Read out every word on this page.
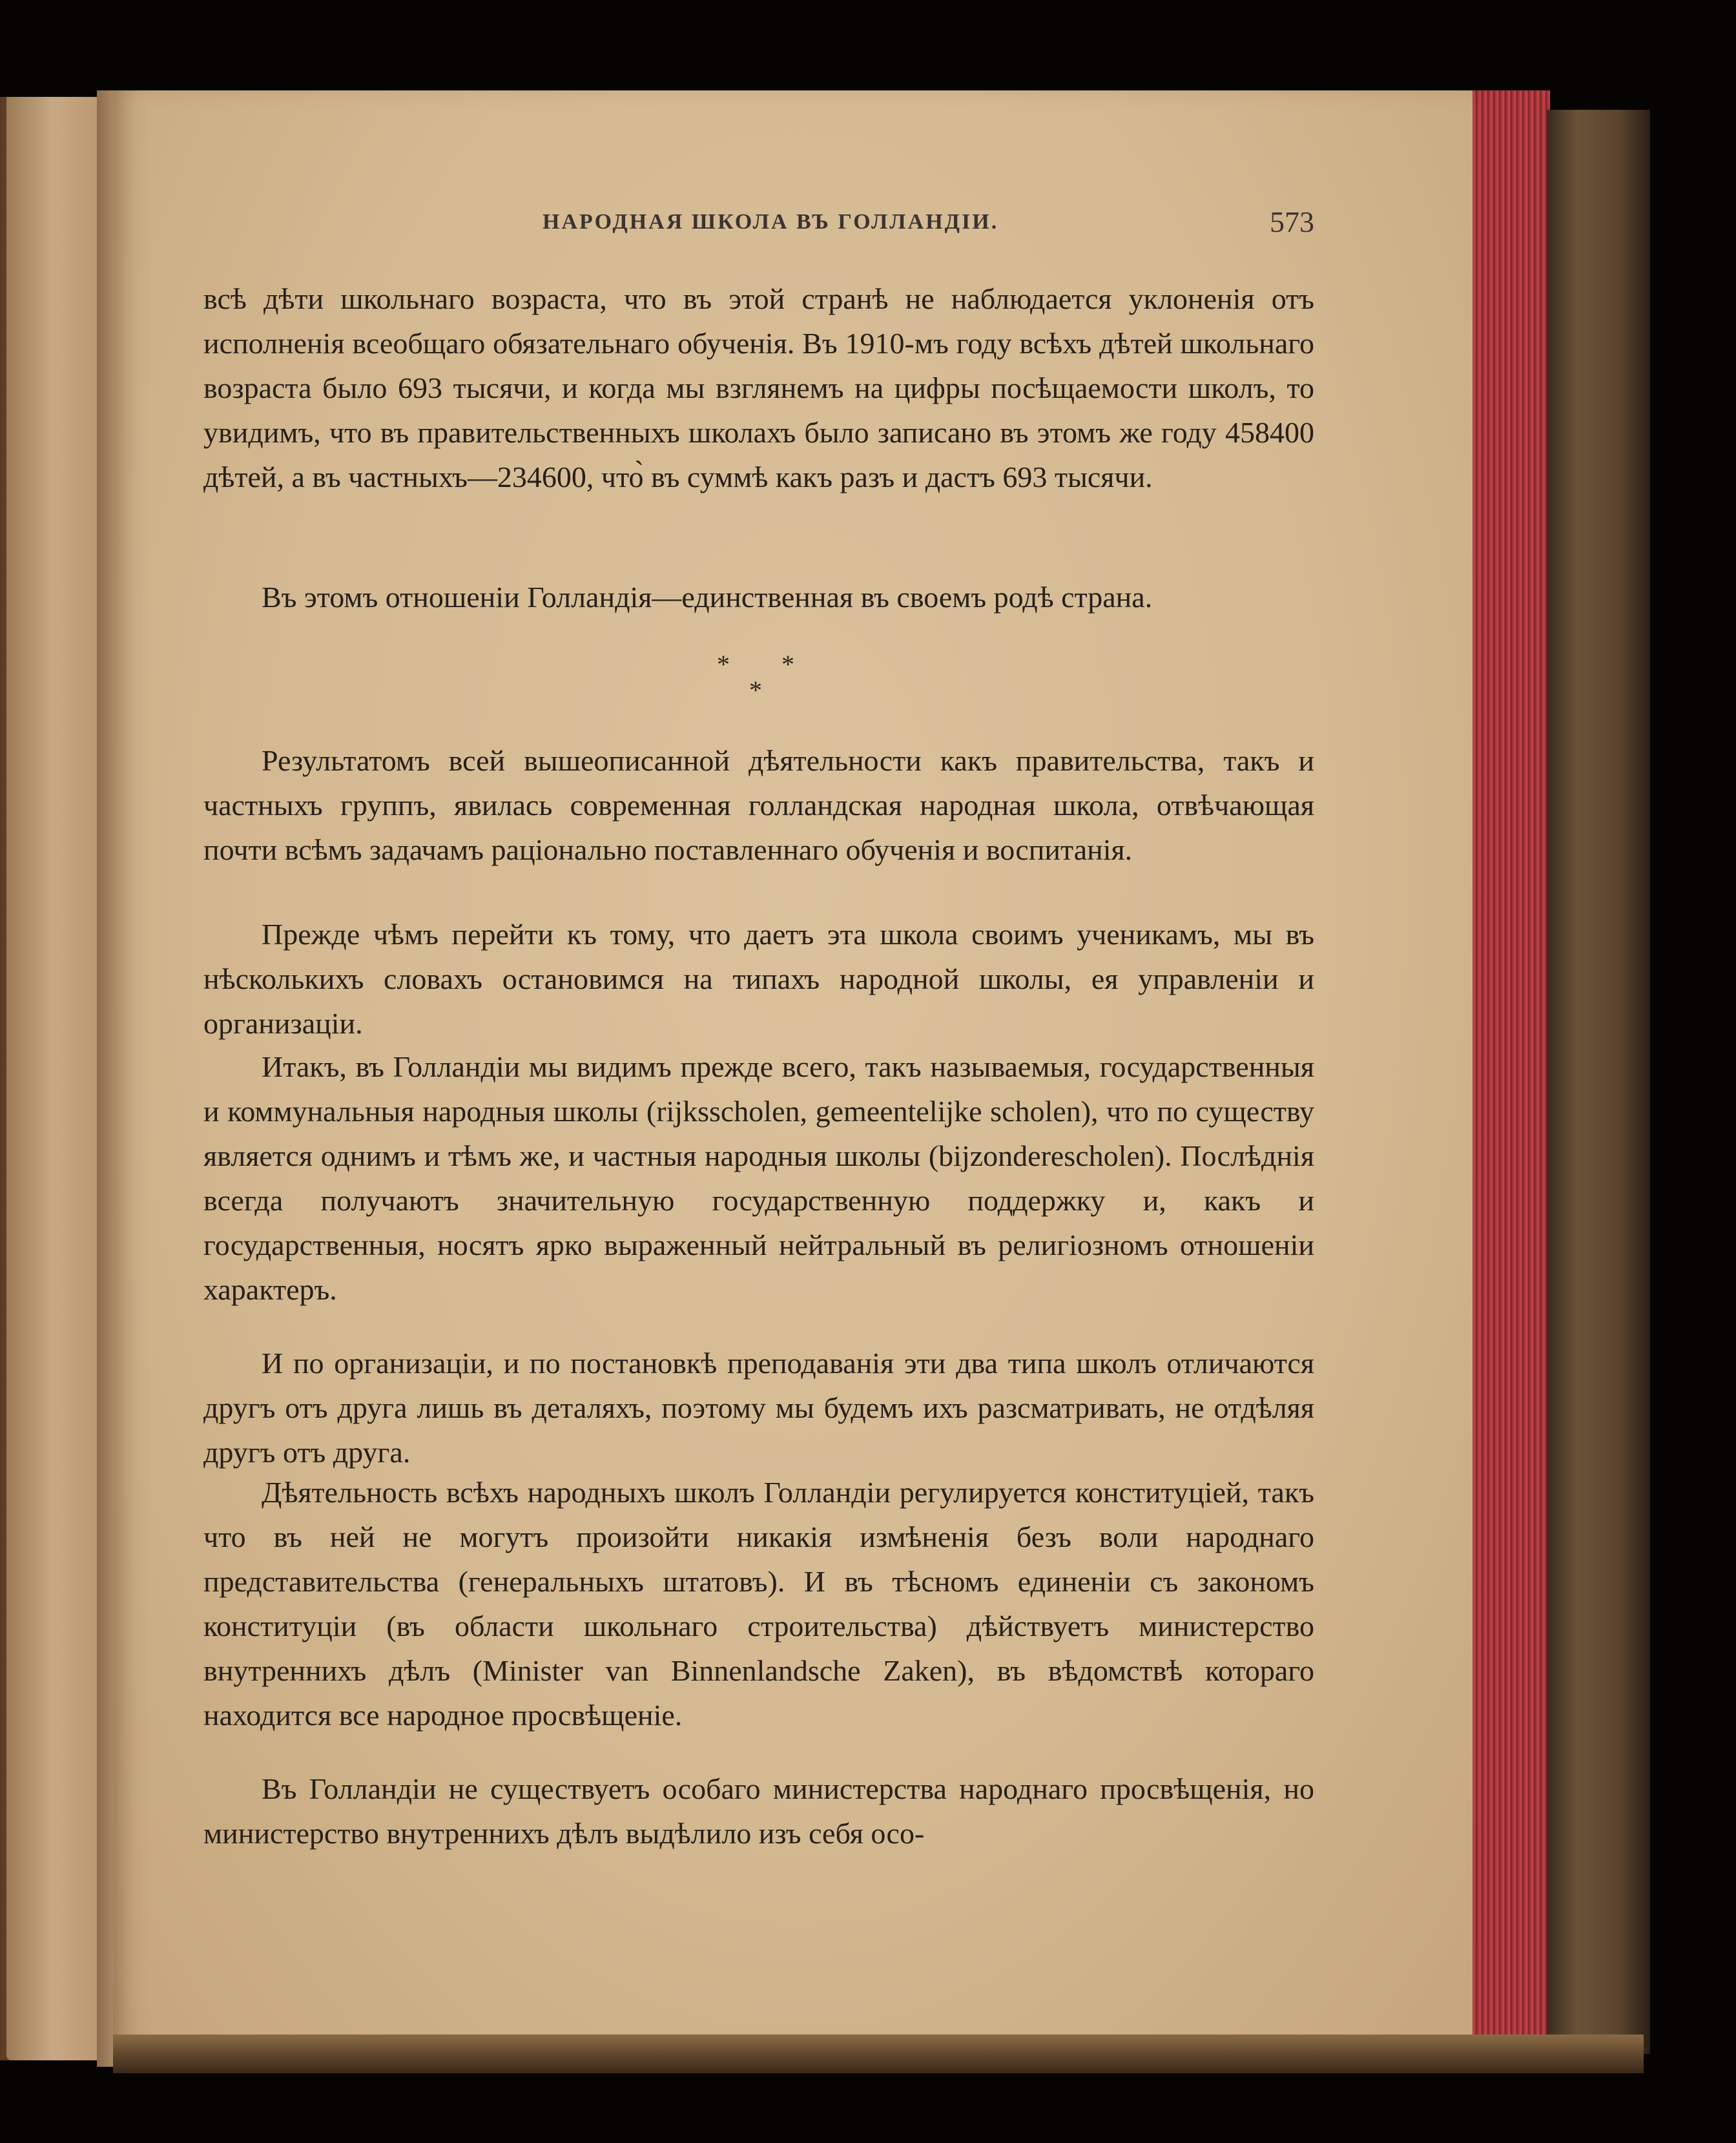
НАРОДНАЯ ШКОЛА ВЪ ГОЛЛАНДІИ.	573

всѣ дѣти школьнаго возраста, что въ этой странѣ не наблюдается уклоненія отъ исполненія всеобщаго обязательнаго обученія. Въ 1910-мъ году всѣхъ дѣтей школьнаго возраста было 693 тысячи, и когда мы взглянемъ на цифры посѣщаемости школъ, то увидимъ, что въ правительственныхъ школахъ было записано въ этомъ же году 458400 дѣтей, а въ частныхъ—234600, что̀ въ суммѣ какъ разъ и дастъ 693 тысячи.

Въ этомъ отношеніи Голландія—единственная въ своемъ родѣ страна.

* *
*

Результатомъ всей вышеописанной дѣятельности какъ правительства, такъ и частныхъ группъ, явилась современная голландская народная школа, отвѣчающая почти всѣмъ задачамъ раціонально поставленнаго обученія и воспитанія.

Прежде чѣмъ перейти къ тому, что даетъ эта школа своимъ ученикамъ, мы въ нѣсколькихъ словахъ остановимся на типахъ народной школы, ея управленіи и организаціи.

Итакъ, въ Голландіи мы видимъ прежде всего, такъ называемыя, государственныя и коммунальныя народныя школы (rijksscholen, gemeentelijke scholen), что по существу является однимъ и тѣмъ же, и частныя народныя школы (bijzonderescholen). Послѣднія всегда получаютъ значительную государственную поддержку и, какъ и государственныя, носятъ ярко выраженный нейтральный въ религіозномъ отношеніи характеръ.

И по организаціи, и по постановкѣ преподаванія эти два типа школъ отличаются другъ отъ друга лишь въ деталяхъ, поэтому мы будемъ ихъ разсматривать, не отдѣляя другъ отъ друга.

Дѣятельность всѣхъ народныхъ школъ Голландіи регулируется конституціей, такъ что въ ней не могутъ произойти никакія измѣненія безъ воли народнаго представительства (генеральныхъ штатовъ). И въ тѣсномъ единеніи съ закономъ конституціи (въ области школьнаго строительства) дѣйствуетъ министерство внутреннихъ дѣлъ (Minister van Binnenlandsche Zaken), въ вѣдомствѣ котораго находится все народное просвѣщеніе.

Въ Голландіи не существуетъ особаго министерства народнаго просвѣщенія, но министерство внутреннихъ дѣлъ выдѣлило изъ себя осо-
